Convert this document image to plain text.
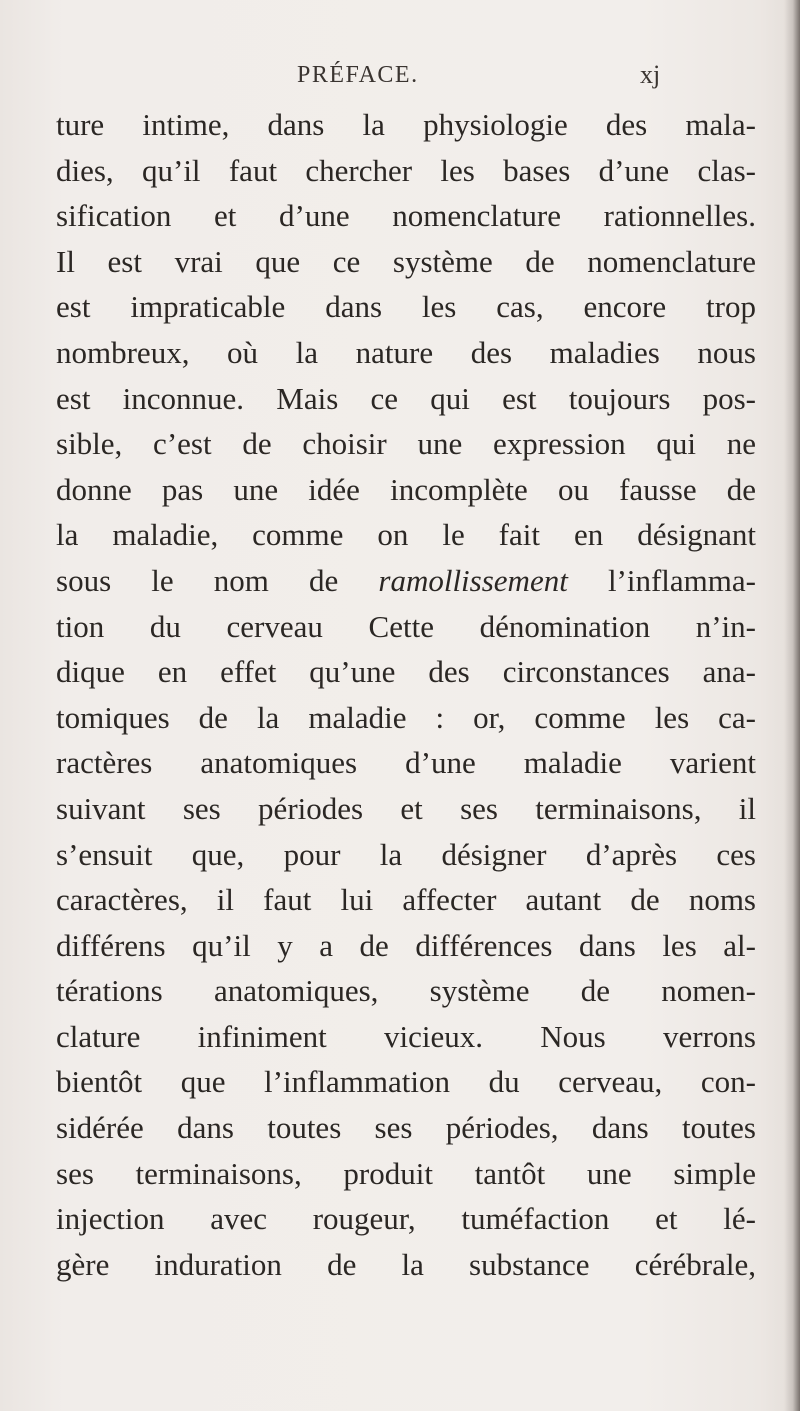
PRÉFACE.	xj
ture intime, dans la physiologie des mala-
dies, qu’il faut chercher les bases d’une clas-
sification et d’une nomenclature rationnelles.
Il est vrai que ce système de nomenclature
est impraticable dans les cas, encore trop
nombreux, où la nature des maladies nous
est inconnue. Mais ce qui est toujours pos-
sible, c’est de choisir une expression qui ne
donne pas une idée incomplète ou fausse de
la maladie, comme on le fait en désignant
sous le nom de ramollissement l’inflamma-
tion du cerveau Cette dénomination n’in-
dique en effet qu’une des circonstances ana-
tomiques de la maladie : or, comme les ca-
ractères anatomiques d’une maladie varient
suivant ses périodes et ses terminaisons, il
s’ensuit que, pour la désigner d’après ces
caractères, il faut lui affecter autant de noms
différens qu’il y a de différences dans les al-
térations anatomiques, système de nomen-
clature infiniment vicieux. Nous verrons
bientôt que l’inflammation du cerveau, con-
sidérée dans toutes ses périodes, dans toutes
ses terminaisons, produit tantôt une simple
injection avec rougeur, tuméfaction et lé-
gère induration de la substance cérébrale,
